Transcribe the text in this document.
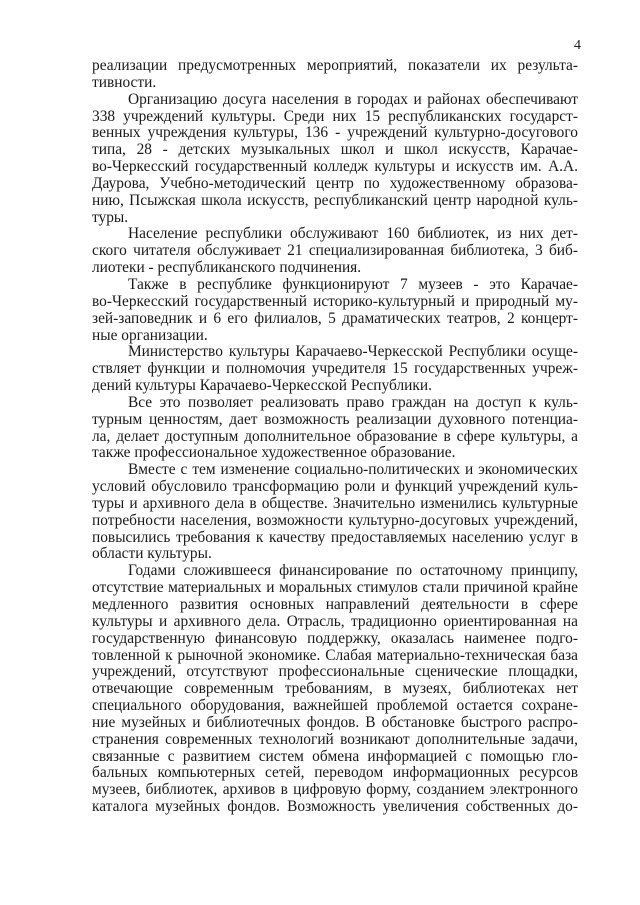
4

реализации предусмотренных мероприятий, показатели их результа-
тивности.

Организацию досуга населения в городах и районах обеспечивают
338 учреждений культуры. Среди них 15 республиканских государст-
венных учреждения культуры, 136 - учреждений культурно-досугового
типа, 28 - детских музыкальных школ и школ искусств, Карачае-
во-Черкесский государственный колледж культуры и искусств им. А.А.
Даурова, Учебно-методический центр по художественному образова-
нию, Псыжская школа искусств, республиканский центр народной куль-
туры.

Население республики обслуживают 160 библиотек, из них дет-
ского читателя обслуживает 21 специализированная библиотека, 3 биб-
лиотеки - республиканского подчинения.

Также в республике функционируют 7 музеев - это Карачае-
во-Черкесский государственный историко-культурный и природный му-
зей-заповедник и 6 его филиалов, 5 драматических театров, 2 концерт-
ные организации.

Министерство культуры Карачаево-Черкесской Республики осуще-
ствляет функции и полномочия учредителя 15 государственных учреж-
дений культуры Карачаево-Черкесской Республики.

Все это позволяет реализовать право граждан на доступ к куль-
турным ценностям, дает возможность реализации духовного потенциа-
ла, делает доступным дополнительное образование в сфере культуры, а
также профессиональное художественное образование.

Вместе с тем изменение социально-политических и экономических
условий обусловило трансформацию роли и функций учреждений куль-
туры и архивного дела в обществе. Значительно изменились культурные
потребности населения, возможности культурно-досуговых учреждений,
повысились требования к качеству предоставляемых населению услуг в
области культуры.

Годами сложившееся финансирование по остаточному принципу,
отсутствие материальных и моральных стимулов стали причиной крайне
медленного развития основных направлений деятельности в сфере
культуры и архивного дела. Отрасль, традиционно ориентированная на
государственную финансовую поддержку, оказалась наименее подго-
товленной к рыночной экономике. Слабая материально-техническая база
учреждений, отсутствуют профессиональные сценические площадки,
отвечающие современным требованиям, в музеях, библиотеках нет
специального оборудования, важнейшей проблемой остается сохране-
ние музейных и библиотечных фондов. В обстановке быстрого распро-
странения современных технологий возникают дополнительные задачи,
связанные с развитием систем обмена информацией с помощью гло-
бальных компьютерных сетей, переводом информационных ресурсов
музеев, библиотек, архивов в цифровую форму, созданием электронного
каталога музейных фондов. Возможность увеличения собственных до-
